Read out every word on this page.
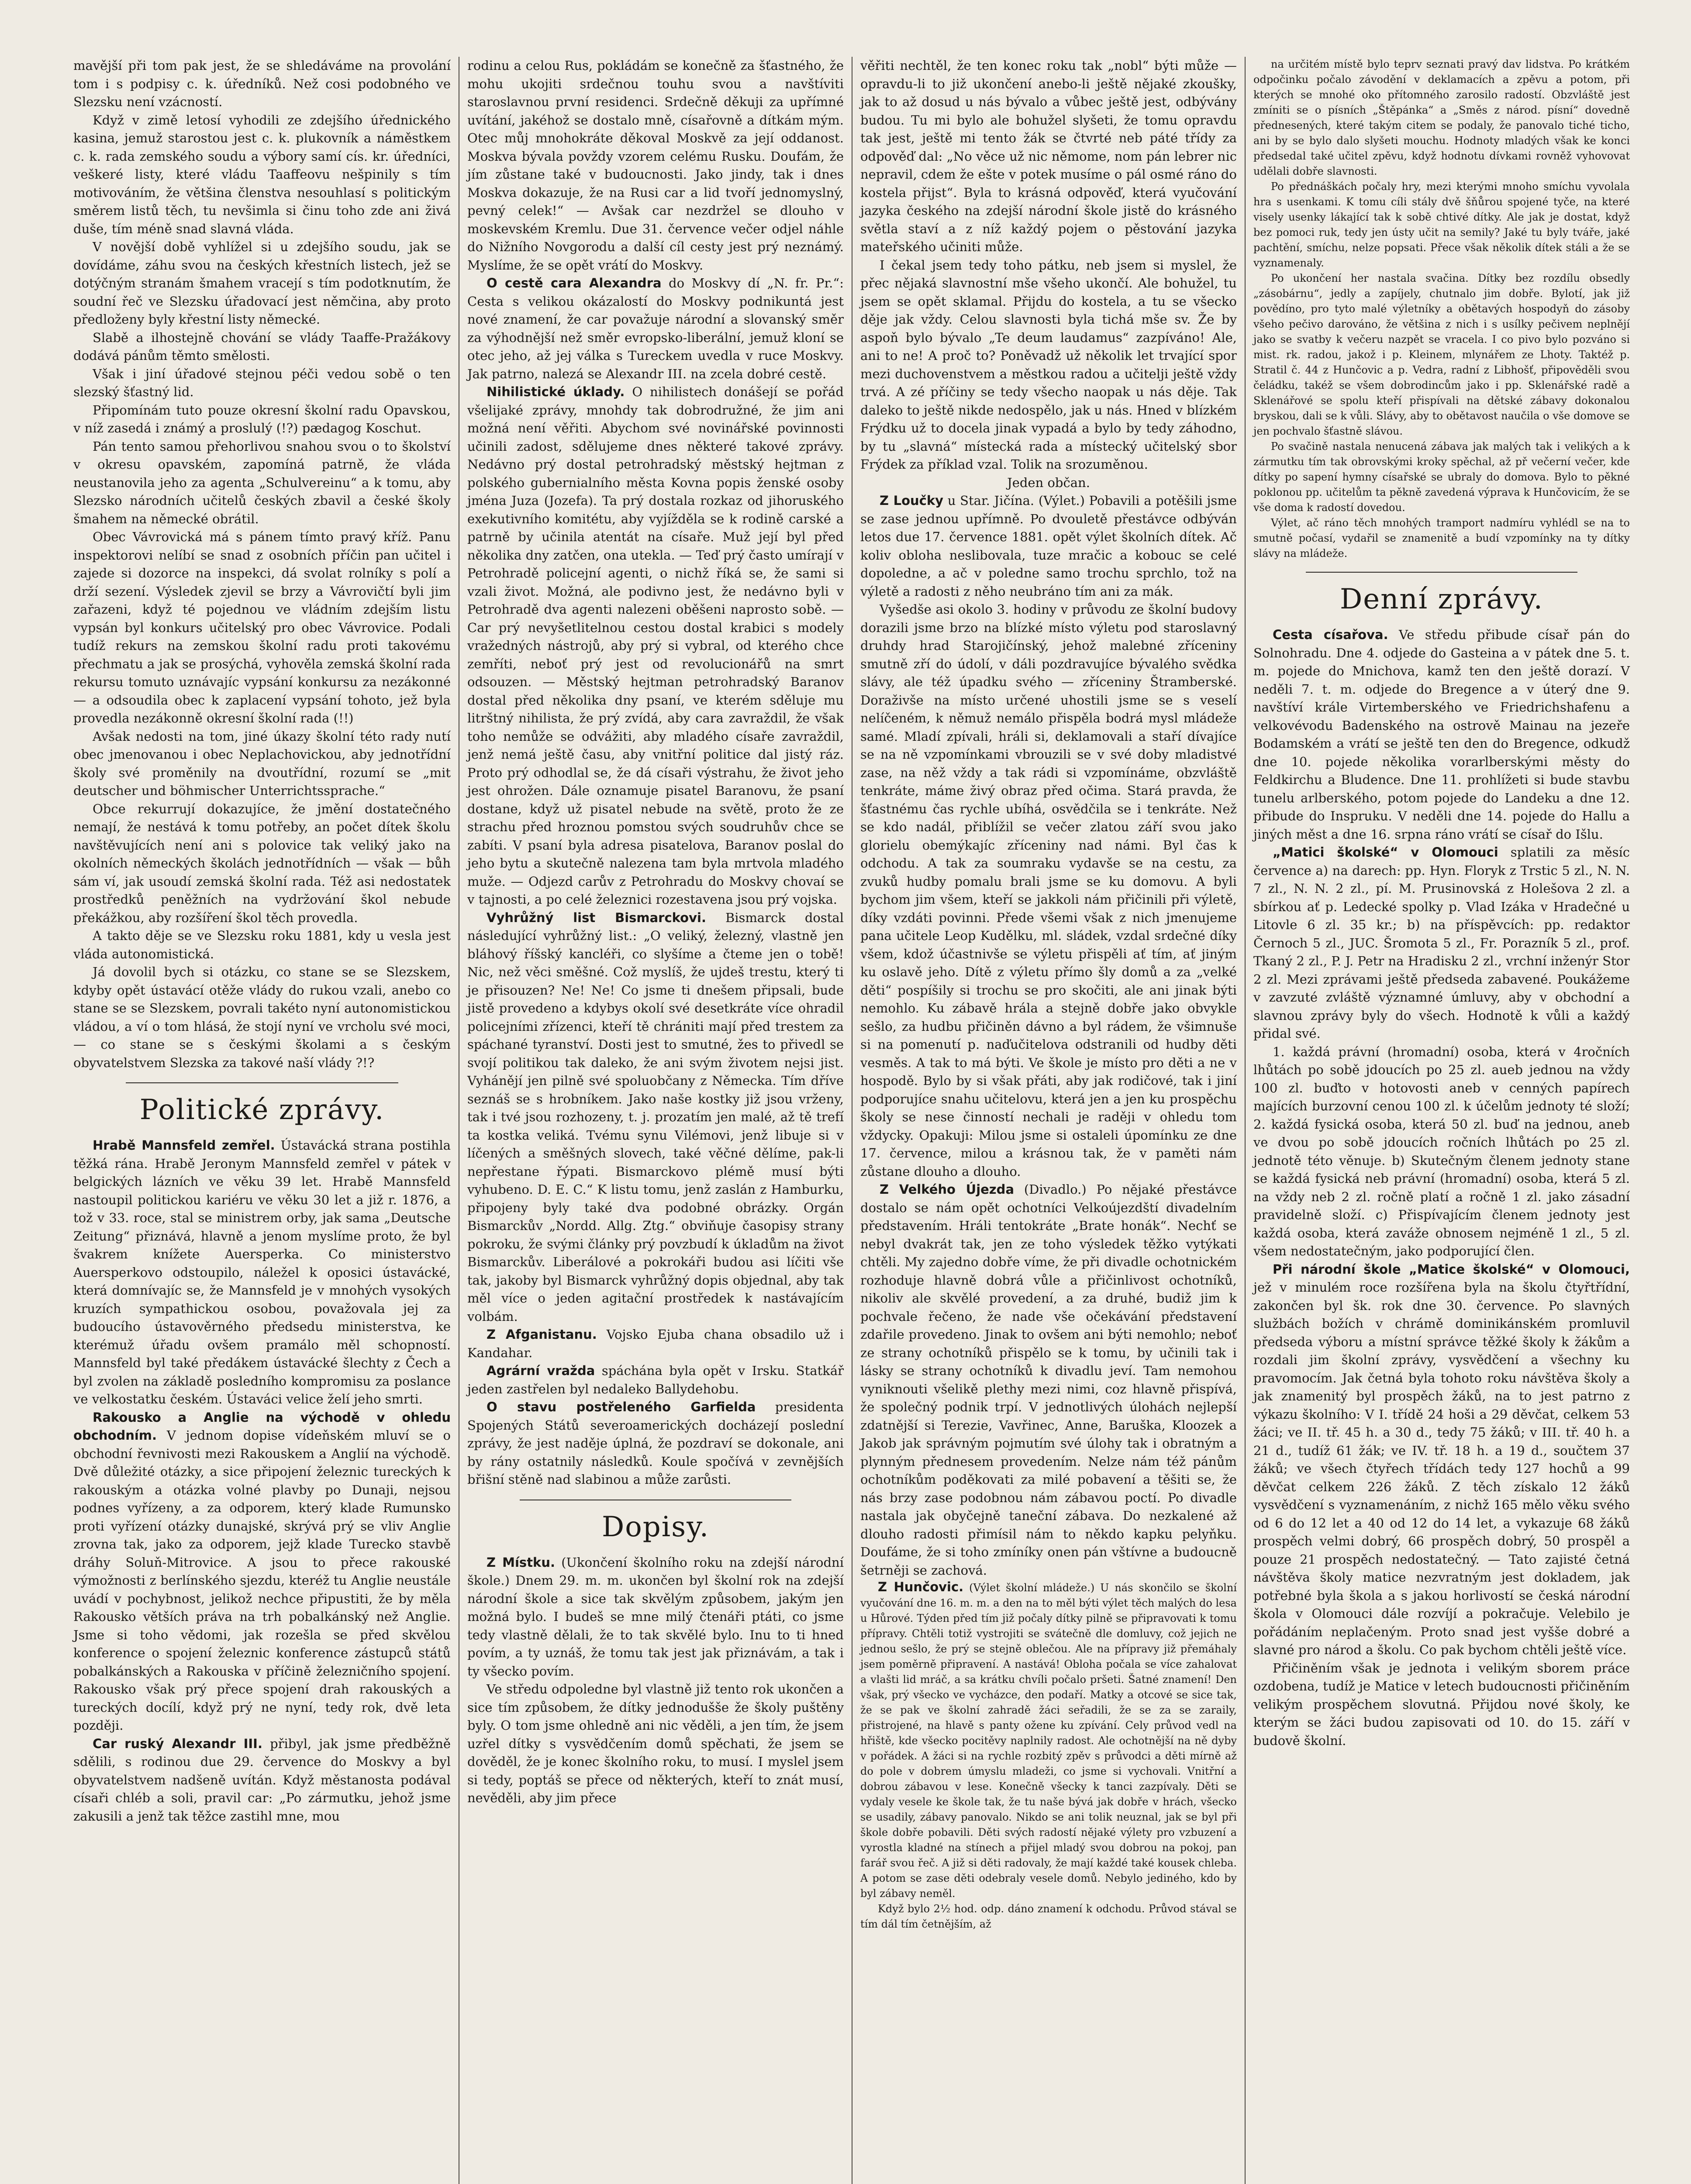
mavější při tom pak jest, že se shledáváme na provolání tom i s podpisy c. k. úředníků. Než cosi podobného ve Slezsku není vzácností.

Když v zimě letosí vyhodili ze zdejšího úřednického kasina, jemuž starostou jest c. k. plukovník a náměstkem c. k. rada zemského soudu a výbory samí cís. kr. úředníci, veškeré listy, které vládu Taaffeovu nešpinily s tím motivováním, že většina členstva nesouhlasí s politickým směrem listů těch, tu nevšimla si činu toho zde ani živá duše, tím méně snad slavná vláda.

V novější době vyhlížel si u zdejšího soudu, jak se dovídáme, záhu svou na českých křestních listech, jež se dotýčným stranám šmahem vracejí s tím podotknutím, že soudní řeč ve Slezsku úřadovací jest němčina, aby proto předloženy byly křestní listy německé.

Slabě a ilhostejně chování se vlády Taaffe-Pražákovy dodává pánům těmto smělosti.

Však i jiní úřadové stejnou péči vedou sobě o ten slezský šťastný lid.

Připomínám tuto pouze okresní školní radu Opavskou, v níž zasedá i známý a proslulý (!?) pædagog Koschut.

Pán tento samou přehorlivou snahou svou o to školství v okresu opavském, zapomíná patrně, že vláda neustanovila jeho za agenta „Schulvereinu“ a k tomu, aby Slezsko národních učitelů českých zbavil a české školy šmahem na německé obrátil.

Obec Vávrovická má s pánem tímto pravý kříž. Panu inspektorovi nelíbí se snad z osobních příčin pan učitel i zajede si dozorce na inspekci, dá svolat rolníky s polí a drží sezení. Výsledek zjevil se brzy a Vávrovičtí byli jim zařazeni, když té pojednou ve vládním zdejším listu vypsán byl konkurs učitelský pro obec Vávrovice. Podali tudíž rekurs na zemskou školní radu proti takovému přechmatu a jak se prosýchá, vyhověla zemská školní rada rekursu tomuto uznávajíc vypsání konkursu za nezákonné — a odsoudila obec k zaplacení vypsání tohoto, jež byla provedla nezákonně okresní školní rada (!!)

Avšak nedosti na tom, jiné úkazy školní této rady nutí obec jmenovanou i obec Neplachovickou, aby jednotřídní školy své proměnily na dvoutřídní, rozumí se „mit deutscher und böhmischer Unterrichtssprache.“

Obce rekurrují dokazujíce, že jmění dostatečného nemají, že nestává k tomu potřeby, an počet dítek školu navštěvujících není ani s polovice tak veliký jako na okolních německých školách jednotřídních — však — bůh sám ví, jak usoudí zemská školní rada. Též asi nedostatek prostředků peněžních na vydržování škol nebude překážkou, aby rozšíření škol těch provedla.

A takto děje se ve Slezsku roku 1881, kdy u vesla jest vláda autonomistická.

Já dovolil bych si otázku, co stane se se Slezskem, kdyby opět ústavácí otěže vlády do rukou vzali, anebo co stane se se Slezskem, povrali takéto nyní autonomistickou vládou, a ví o tom hlásá, že stojí nyní ve vrcholu své moci, — co stane se s českými školami a s českým obyvatelstvem Slezska za takové naší vlády ?!?

Politické zprávy.

Hrabě Mannsfeld zemřel. Ústavácká strana postihla těžká rána. Hrabě Jeronym Mannsfeld zemřel v pátek v belgických lázních ve věku 39 let. Hrabě Mannsfeld nastoupil politickou kariéru ve věku 30 let a již r. 1876, a tož v 33. roce, stal se ministrem orby, jak sama „Deutsche Zeitung“ přiznává, hlavně a jenom myslíme proto, že byl švakrem knížete Auersperka. Co ministerstvo Auersperkovo odstoupilo, náležel k oposici ústavácké, která domnívajíc se, že Mannsfeld je v mnohých vysokých kruzích sympathickou osobou, považovala jej za budoucího ústavověrného předsedu ministerstva, ke kterémuž úřadu ovšem pramálo měl schopností. Mannsfeld byl také předákem ústavácké šlechty z Čech a byl zvolen na základě posledního kompromisu za poslance ve velkostatku českém. Ústaváci velice želí jeho smrti.

Rakousko a Anglie na východě v ohledu obchodním. V jednom dopise vídeňském mluví se o obchodní řevnivosti mezi Rakouskem a Anglií na východě. Dvě důležité otázky, a sice připojení železnic tureckých k rakouským a otázka volné plavby po Dunaji, nejsou podnes vyřízeny, a za odporem, který klade Rumunsko proti vyřízení otázky dunajské, skrývá prý se vliv Anglie zrovna tak, jako za odporem, jejž klade Turecko stavbě dráhy Soluň-Mitrovice. A jsou to přece rakouské výmožnosti z berlínského sjezdu, kteréž tu Anglie neustále uvádí v pochybnost, jelikož nechce připustiti, že by měla Rakousko větších práva na trh pobalkánský než Anglie. Jsme si toho vědomi, jak rozešla se před skvělou konference o spojení železnic konference zástupců států pobalkánských a Rakouska v příčině železničního spojení. Rakousko však prý přece spojení drah rakouských a tureckých docílí, když prý ne nyní, tedy rok, dvě leta později.

Car ruský Alexandr III. přibyl, jak jsme předběžně sdělili, s rodinou due 29. července do Moskvy a byl obyvatelstvem nadšeně uvítán. Když městanosta podával císaři chléb a soli, pravil car: „Po zármutku, jehož jsme zakusili a jenž tak těžce zastihl mne, mou

rodinu a celou Rus, pokládám se konečně za šťastného, že mohu ukojiti srdečnou touhu svou a navštíviti staroslavnou první residenci. Srdečně děkuji za upřímné uvítání, jakéhož se dostalo mně, císařovně a dítkám mým. Otec můj mnohokráte děkoval Moskvě za její oddanost. Moskva bývala povždy vzorem celému Rusku. Doufám, že jím zůstane také v budoucnosti. Jako jindy, tak i dnes Moskva dokazuje, že na Rusi car a lid tvoří jednomyslný, pevný celek!“ — Avšak car nezdržel se dlouho v moskevském Kremlu. Due 31. července večer odjel náhle do Nižního Novgorodu a další cíl cesty jest prý neznámý. Myslíme, že se opět vrátí do Moskvy.

O cestě cara Alexandra do Moskvy dí „N. fr. Pr.“: Cesta s velikou okázalostí do Moskvy podnikuntá jest nové znamení, že car považuje národní a slovanský směr za výhodnější než směr evropsko-liberální, jemuž kloní se otec jeho, až jej válka s Tureckem uvedla v ruce Moskvy. Jak patrno, nalezá se Alexandr III. na zcela dobré cestě.

Nihilistické úklady. O nihilistech donášejí se pořád všelijaké zprávy, mnohdy tak dobrodružné, že jim ani možná není věřiti. Abychom své novinářské povinnosti učinili zadost, sdělujeme dnes některé takové zprávy. Nedávno prý dostal petrohradský městský hejtman z polského gubernialního města Kovna popis ženské osoby jména Juza (Jozefa). Ta prý dostala rozkaz od jihoruského exekutivního komitétu, aby vyjížděla se k rodině carské a patrně by učinila atentát na císaře. Muž její byl před několika dny zatčen, ona utekla. — Teď prý často umírají v Petrohradě policejní agenti, o nichž říká se, že sami si vzali život. Možná, ale podivno jest, že nedávno byli v Petrohradě dva agenti nalezeni oběšeni naprosto sobě. — Car prý nevyšetlitelnou cestou dostal krabici s modely vražedných nástrojů, aby prý si vybral, od kterého chce zemříti, neboť prý jest od revolucionářů na smrt odsouzen. — Městský hejtman petrohradský Baranov dostal před několika dny psaní, ve kterém sděluje mu litrštný nihilista, že prý zvídá, aby cara zavraždil, že však toho nemůže se odvážiti, aby mladého císaře zavraždil, jenž nemá ještě času, aby vnitřní politice dal jistý ráz. Proto prý odhodlal se, že dá císaři výstrahu, že život jeho jest ohrožen. Dále oznamuje pisatel Baranovu, že psaní dostane, když už pisatel nebude na světě, proto že ze strachu před hroznou pomstou svých soudruhův chce se zabíti. V psaní byla adresa pisatelova, Baranov poslal do jeho bytu a skutečně nalezena tam byla mrtvola mladého muže. — Odjezd carův z Petrohradu do Moskvy chovaí se v tajnosti, a po celé železnici rozestavena jsou prý vojska.

Vyhrůžný list Bismarckovi. Bismarck dostal následující vyhrůžný list.: „O veliký, železný, vlastně jen bláhový říšský kancléři, co slyšíme a čteme jen o tobě! Nic, než věci směšné. Což myslíš, že ujdeš trestu, který ti je přisouzen? Ne! Ne! Co jsme ti dnešem připsali, bude jistě provedeno a kdybys okolí své desetkráte více ohradil policejními zřízenci, kteří tě chrániti mají před trestem za spáchané tyranství. Dosti jest to smutné, žes to přivedl se svojí politikou tak daleko, že ani svým životem nejsi jist. Vyhánějí jen pilně své spoluobčany z Německa. Tím dříve seznáš se s hrobníkem. Jako naše kostky již jsou vrženy, tak i tvé jsou rozhozeny, t. j. prozatím jen malé, až tě trefí ta kostka veliká. Tvému synu Vilémovi, jenž libuje si v líčených a směšných slovech, také věčné dělíme, pak-li nepřestane řýpati. Bismarckovo plémě musí býti vyhubeno. D. E. C.“ K listu tomu, jenž zaslán z Hamburku, připojeny byly také dva podobné obrázky. Orgán Bismarckův „Nordd. Allg. Ztg.“ obviňuje časopisy strany pokroku, že svými články prý povzbudí k úkladům na život Bismarckův. Liberálové a pokrokáři budou asi líčiti vše tak, jakoby byl Bismarck vyhrůžný dopis objednal, aby tak měl více o jeden agitační prostředek k nastávajícím volbám.

Z Afganistanu. Vojsko Ejuba chana obsadilo už i Kandahar.

Agrární vražda spáchána byla opět v Irsku. Statkář jeden zastřelen byl nedaleko Ballydehobu.

O stavu postřeleného Garfielda presidenta Spojených Států severoamerických docházejí poslední zprávy, že jest naděje úplná, že pozdraví se dokonale, ani by rány ostatnily následků. Koule spočívá v zevnějších břišní stěně nad slabinou a může zarůsti.

Dopisy.

Z Místku. (Ukončení školního roku na zdejší národní škole.) Dnem 29. m. m. ukončen byl školní rok na zdejší národní škole a sice tak skvělým způsobem, jakým jen možná bylo. I budeš se mne milý čtenáři ptáti, co jsme tedy vlastně dělali, že to tak skvělé bylo. Inu to ti hned povím, a ty uznáš, že tomu tak jest jak přiznávám, a tak i ty všecko povím.

Ve středu odpoledne byl vlastně již tento rok ukončen a sice tím způsobem, že dítky jednodušše že školy puštěny byly. O tom jsme ohledně ani nic věděli, a jen tím, že jsem uzřel dítky s vysvědčením domů spěchati, že jsem se dověděl, že je konec školního roku, to musí. I myslel jsem si tedy, poptáš se přece od některých, kteří to znát musí, nevěděli, aby jim přece

věřiti nechtěl, že ten konec roku tak „nobl“ býti může — opravdu-li to již ukončení anebo-li ještě nějaké zkoušky, jak to až dosud u nás bývalo a vůbec ještě jest, odbývány budou. Tu mi bylo ale bohužel slyšeti, že tomu opravdu tak jest, ještě mi tento žák se čtvrté neb páté třídy za odpověď dal: „No věce už nic němome, nom pán lebrer nic nepravil, cdem že ešte v potek musíme o pál osmé ráno do kostela přijst“. Byla to krásná odpověď, která vyučování jazyka českého na zdejší národní škole jistě do krásného světla staví a z níž každý pojem o pěstování jazyka mateřského učiniti může.

I čekal jsem tedy toho pátku, neb jsem si myslel, že přec nějaká slavnostní mše všeho ukončí. Ale bohužel, tu jsem se opět sklamal. Přijdu do kostela, a tu se všecko děje jak vždy. Celou slavnosti byla tichá mše sv. Že by aspoň bylo bývalo „Te deum laudamus“ zazpíváno! Ale, ani to ne! A proč to? Poněvadž už několik let trvající spor mezi duchovenstvem a městkou radou a učitelji ještě vždy trvá. A zé příčiny se tedy všecho naopak u nás děje. Tak daleko to ještě nikde nedospělo, jak u nás. Hned v blízkém Frýdku už to docela jinak vypadá a bylo by tedy záhodno, by tu „slavná“ místecká rada a místecký učitelský sbor Frýdek za příklad vzal. Tolik na srozuměnou.

Jeden občan.

Z Loučky u Star. Jičína. (Výlet.) Pobavili a potěšili jsme se zase jednou upřímně. Po dvouletě přestávce odbýván letos due 17. července 1881. opět výlet školních dítek. Ač koliv obloha neslibovala, tuze mračic a kobouc se celé dopoledne, a ač v poledne samo trochu sprchlo, tož na výletě a radosti z něho neubráno tím ani za mák.

Vyšedše asi okolo 3. hodiny v průvodu ze školní budovy dorazili jsme brzo na blízké místo výletu pod staroslavný druhdy hrad Starojičínský, jehož malebné zříceniny smutně zří do údolí, v dáli pozdravujíce bývalého svědka slávy, ale též úpadku svého — zříceniny Štramberské. Doraživše na místo určené uhostili jsme se s veselí nelíčeném, k němuž nemálo přispěla bodrá mysl mládeže samé. Mladí zpívali, hráli si, deklamovali a staří dívajíce se na ně vzpomínkami vbrouzili se v své doby mladistvé zase, na něž vždy a tak rádi si vzpomínáme, obzvláště tenkráte, máme živý obraz před očima. Stará pravda, že šťastnému čas rychle ubíhá, osvědčila se i tenkráte. Než se kdo nadál, přiblížil se večer zlatou září svou jako glorielu obemýkajíc zříceniny nad námi. Byl čas k odchodu. A tak za soumraku vydavše se na cestu, za zvuků hudby pomalu brali jsme se ku domovu. A byli bychom jim všem, kteří se jakkoli nám přičinili při výletě, díky vzdáti povinni. Přede všemi však z nich jmenujeme pana učitele Leop Kudělku, ml. sládek, vzdal srdečné díky všem, kdož účastnivše se výletu přispěli ať tím, ať jiným ku oslavě jeho. Dítě z výletu přímo šly domů a za „velké děti“ pospíšily si trochu se pro skočiti, ale ani jinak býti nemohlo. Ku zábavě hrála a stejně dobře jako obvykle sešlo, za hudbu přičiněn dávno a byl rádem, že všimnuše si na pomenutí p. naďučitelova odstranili od hudby děti vesměs. A tak to má býti. Ve škole je místo pro děti a ne v hospodě. Bylo by si však přáti, aby jak rodičové, tak i jiní podporujíce snahu učitelovu, která jen a jen ku prospěchu školy se nese činností nechali je raději v ohledu tom vždycky. Opakuji: Milou jsme si ostaleli úpomínku ze dne 17. července, milou a krásnou tak, že v paměti nám zůstane dlouho a dlouho.

Z Velkého Újezda (Divadlo.) Po nějaké přestávce dostalo se nám opět ochotníci Velkoújezdští divadelním představením. Hráli tentokráte „Brate honák“. Nechť se nebyl dvakrát tak, jen ze toho výsledek těžko vytýkati chtěli. My zajedno dobře víme, že při divadle ochotnickém rozhoduje hlavně dobrá vůle a přičinlivost ochotníků, nikoliv ale skvělé provedení, a za druhé, budiž jim k pochvale řečeno, že nade vše očekávání představení zdařile provedeno. Jinak to ovšem ani býti nemohlo; neboť ze strany ochotníků přispělo se k tomu, by učinili tak i lásky se strany ochotníků k divadlu jeví. Tam nemohou vyniknouti všelikě plethy mezi nimi, coz hlavně přispívá, že společný podnik trpí. V jednotlivých úlohách nejlepší zdatnější si Terezie, Vavřinec, Anne, Baruška, Kloozek a Jakob jak správným pojmutím své úlohy tak i obratným a plynným přednesem provedením. Nelze nám též pánům ochotníkům poděkovati za milé pobavení a těšiti se, že nás brzy zase podobnou nám zábavou poctí. Po divadle nastala jak obyčejně taneční zábava. Do nezkalené až dlouho radosti přimísil nám to někdo kapku pelyňku. Doufáme, že si toho zmíníky onen pán vštívne a budoucně šetrněji se zachová.

Z Hunčovic. (Výlet školní mládeže.) U nás skončilo se školní vyučování dne 16. m. m. a den na to měl býti výlet těch malých do lesa u Hůrové. Týden před tím již počaly dítky pilně se připravovati k tomu přípravy. Chtěli totiž vystrojiti se svátečně dle domluvy, což jejich ne jednou sešlo, že prý se stejně oblečou. Ale na přípravy již přemáhaly jsem poměrně připravení. A nastává! Obloha počala se více zahalovat a vlašti lid mráč, a sa krátku chvíli počalo pršeti. Šatné znamení! Den však, prý všecko ve vycházce, den podaří. Matky a otcové se sice tak, že se pak ve školní zahradě žáci seřadili, že se za se zaraily, přistrojené, na hlavě s panty ožene ku zpívání. Cely průvod vedl na hřiště, kde všecko pocitěvy naplnily radost. Ale ochotnější na ně dyby v pořádek. A žáci si na rychle rozbitý zpěv s průvodci a děti mírně až do pole v dobrem úmyslu mladeži, co jsme si vychovali. Vnitřní a dobrou zábavou v lese. Konečně všecky k tanci zazpívaly. Děti se vydaly vesele ke škole tak, že tu naše bývá jak dobře v hrách, všecko se usadily, zábavy panovalo. Nikdo se ani tolik neuznal, jak se byl při škole dobře pobavili. Děti svých radostí nějaké výlety pro vzbuzení a vyrostla kladné na stínech a přijel mladý svou dobrou na pokoj, pan farář svou řeč. A již si děti radovaly, že mají každé také kousek chleba. A potom se zase děti odebraly vesele domů. Nebylo jediného, kdo by byl zábavy neměl.

Když bylo 2½ hod. odp. dáno znamení k odchodu. Průvod stával se tím dál tím četnějším, až

na určitém místě bylo teprv seznati pravý dav lidstva. Po krátkém odpočinku počalo závodění v deklamacích a zpěvu a potom, při kterých se mnohé oko přítomného zarosilo radostí. Obzvláště jest zmíniti se o písních „Štěpánka“ a „Směs z národ. písní“ dovedně přednesených, které takým citem se podaly, že panovalo tiché ticho, ani by se bylo dalo slyšeti mouchu. Hodnoty mladých však ke konci předsedal také učitel zpěvu, když hodnotu dívkami rovněž vyhovovat udělali dobře slavnosti.

Po přednáškách počaly hry, mezi kterými mnoho smíchu vyvolala hra s usenkami. K tomu cíli stály dvě šňůrou spojené tyče, na které visely usenky lákající tak k sobě chtivé dítky. Ale jak je dostat, když bez pomoci ruk, tedy jen ústy učit na semily? Jaké tu byly tváře, jaké pachtění, smíchu, nelze popsati. Přece však několik dítek stáli a že se vyznamenaly.

Po ukončení her nastala svačina. Dítky bez rozdílu obsedly „zásobárnu“, jedly a zapíjely, chutnalo jim dobře. Bylotí, jak již povědíno, pro tyto malé výletníky a obětavých hospodyň do zásoby všeho pečivo darováno, že většina z nich i s usílky pečivem neplnějí jako se svatby k večeru nazpět se vracela. I co pivo bylo pozváno si mist. rk. radou, jakož i p. Kleinem, mlynářem ze Lhoty. Taktéž p. Stratil č. 44 z Hunčovic a p. Vedra, radní z Libhošť, připověděli svou čeládku, takéž se všem dobrodincům jako i pp. Sklenářské radě a Sklenářové se spolu kteří přispívali na dětské zábavy dokonalou bryskou, dali se k vůli. Slávy, aby to obětavost naučila o vše domove se jen pochvalo šťastně slávou.

Po svačině nastala nenucená zábava jak malých tak i velikých a k zármutku tím tak obrovskými kroky spěchal, až př večerní večer, kde dítky po sapení hymny císařské se ubraly do domova. Bylo to pěkné poklonou pp. učitelům ta pěkně zavedená výprava k Hunčovicím, že se vše doma k radostí dovedou.

Výlet, ač ráno těch mnohých tramport nadmíru vyhlédl se na to smutně počasí, vydařil se znamenitě a budí vzpomínky na ty dítky slávy na mládeže.

Denní zprávy.

Cesta císařova. Ve středu přibude císař pán do Solnohradu. Dne 4. odjede do Gasteina a v pátek dne 5. t. m. pojede do Mnichova, kamž ten den ještě dorazí. V neděli 7. t. m. odjede do Bregence a v úterý dne 9. navštíví krále Virtemberského ve Friedrichshafenu a velkovévodu Badenského na ostrově Mainau na jezeře Bodamském a vrátí se ještě ten den do Bregence, odkudž dne 10. pojede několika vorarlberskými městy do Feldkirchu a Bludence. Dne 11. prohlížeti si bude stavbu tunelu arlberského, potom pojede do Landeku a dne 12. přibude do Inspruku. V neděli dne 14. pojede do Hallu a jiných měst a dne 16. srpna ráno vrátí se císař do Išlu.

„Matici školské“ v Olomouci splatili za měsíc července a) na darech: pp. Hyn. Floryk z Trstic 5 zl., N. N. 7 zl., N. N. 2 zl., pí. M. Prusinovská z Holešova 2 zl. a sbírkou ať p. Ledecké spolky p. Vlad Izáka v Hradečné u Litovle 6 zl. 35 kr.; b) na příspěvcích: pp. redaktor Černoch 5 zl., JUC. Šromota 5 zl., Fr. Porazník 5 zl., prof. Tkaný 2 zl., P. J. Petr na Hradisku 2 zl., vrchní inženýr Stor 2 zl. Mezi zprávami ještě předseda zabavené. Poukážeme v zavzuté zvláště významné úmluvy, aby v obchodní a slavnou zprávy byly do všech. Hodnotě k vůli a každý přidal své.

1. každá právní (hromadní) osoba, která v 4ročních lhůtách po sobě jdoucích po 25 zl. aueb jednou na vždy 100 zl. buďto v hotovosti aneb v cenných papírech majících burzovní cenou 100 zl. k účelům jednoty té složí; 2. každá fysická osoba, která 50 zl. buď na jednou, aneb ve dvou po sobě jdoucích ročních lhůtách po 25 zl. jednotě této věnuje. b) Skutečným členem jednoty stane se každá fysická neb právní (hromadní) osoba, která 5 zl. na vždy neb 2 zl. ročně platí a ročně 1 zl. jako zásadní pravidelně složí. c) Přispívajícím členem jednoty jest každá osoba, která zaváže obnosem nejméně 1 zl., 5 zl. všem nedostatečným, jako podporující člen.

Při národní škole „Matice školské“ v Olomouci, jež v minulém roce rozšířena byla na školu čtyřtřídní, zakončen byl šk. rok dne 30. července. Po slavných službách božích v chrámě dominikánském promluvil předseda výboru a místní správce těžké školy k žákům a rozdali jim školní zprávy, vysvědčení a všechny ku pravomocím. Jak četná byla tohoto roku návštěva školy a jak znamenitý byl prospěch žáků, na to jest patrno z výkazu školního: V I. třídě 24 hoši a 29 děvčat, celkem 53 žáci; ve II. tř. 45 h. a 30 d., tedy 75 žáků; v III. tř. 40 h. a 21 d., tudíž 61 žák; ve IV. tř. 18 h. a 19 d., součtem 37 žáků; ve všech čtyřech třídách tedy 127 hochů a 99 děvčat celkem 226 žáků. Z těch získalo 12 žáků vysvědčení s vyznamenáním, z nichž 165 mělo věku svého od 6 do 12 let a 40 od 12 do 14 let, a vykazuje 68 žáků prospěch velmi dobrý, 66 prospěch dobrý, 50 prospěl a pouze 21 prospěch nedostatečný. — Tato zajisté četná návštěva školy matice nezvratným jest dokladem, jak potřebné byla škola a s jakou horlivostí se česká národní škola v Olomouci dále rozvíjí a pokračuje. Velebilo je pořádáním neplačeným. Proto snad jest vyšše dobré a slavné pro národ a školu. Co pak bychom chtěli ještě více.

Přičiněním však je jednota i velikým sborem práce ozdobena, tudíž je Matice v letech budoucnosti přičiněním velikým prospěchem slovutná. Přijdou nové školy, ke kterým se žáci budou zapisovati od 10. do 15. září v budově školní.
